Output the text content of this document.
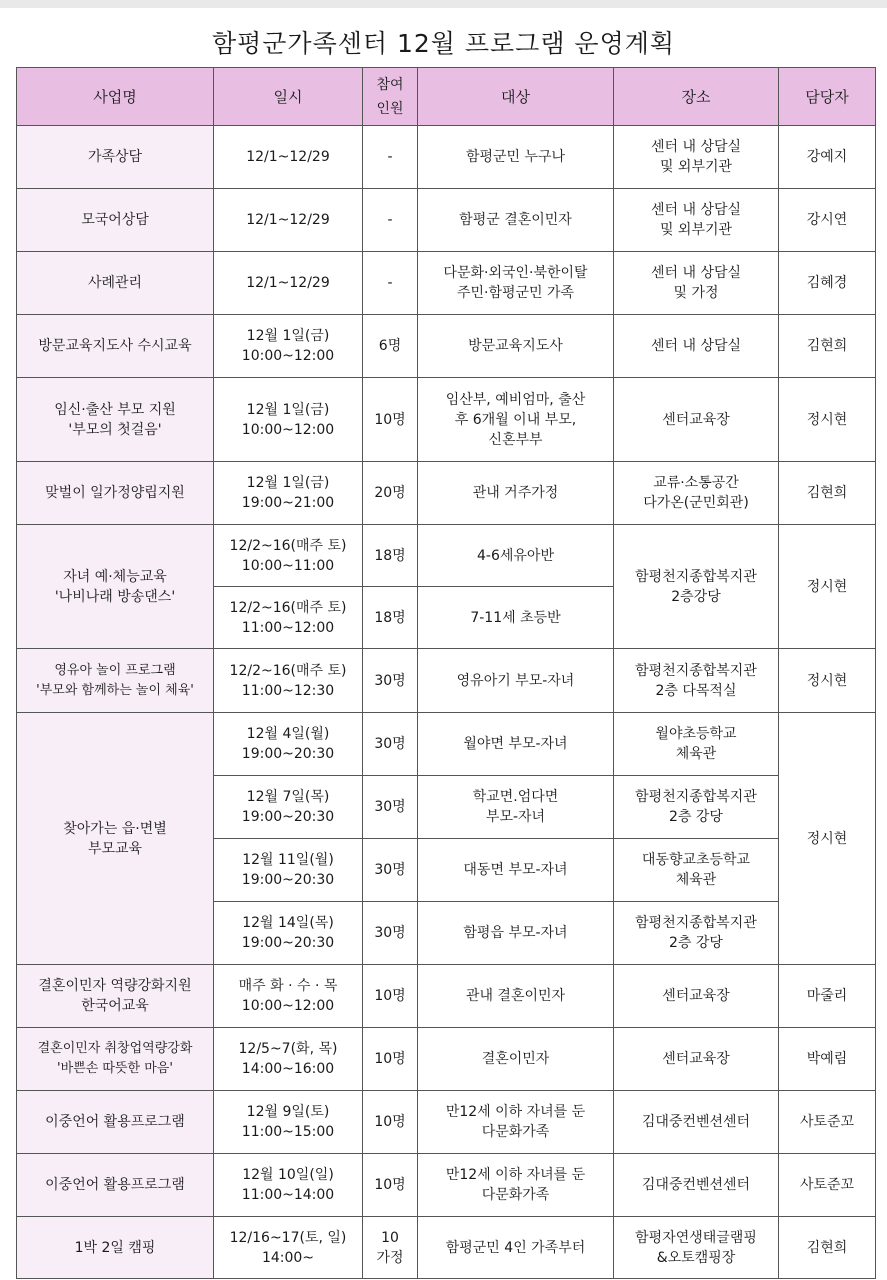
함평군가족센터 12월 프로그램 운영계획
사업명	일시	참여
인원	대상	장소	담당자
가족상담	12/1~12/29	-	함평군민 누구나	센터 내 상담실
및 외부기관	강예지
모국어상담	12/1~12/29	-	함평군 결혼이민자	센터 내 상담실
및 외부기관	강시연
사례관리	12/1~12/29	-	다문화·외국인·북한이탈
주민·함평군민 가족	센터 내 상담실
및 가정	김혜경
방문교육지도사 수시교육	12월 1일(금)
10:00~12:00	6명	방문교육지도사	센터 내 상담실	김현희
임신·출산 부모 지원
'부모의 첫걸음'	12월 1일(금)
10:00~12:00	10명	임산부, 예비엄마, 출산
후 6개월 이내 부모,
신혼부부	센터교육장	정시현
맞벌이 일가정양립지원	12월 1일(금)
19:00~21:00	20명	관내 거주가정	교류·소통공간
다가온(군민회관)	김현희
자녀 예·체능교육
'나비나래 방송댄스'	12/2~16(매주 토)
10:00~11:00	18명	4-6세유아반	함평천지종합복지관
2층강당	정시현
	12/2~16(매주 토)
11:00~12:00	18명	7-11세 초등반		
영유아 놀이 프로그램
'부모와 함께하는 놀이 체육'	12/2~16(매주 토)
11:00~12:30	30명	영유아기 부모-자녀	함평천지종합복지관
2층 다목적실	정시현
찾아가는 읍·면별
부모교육	12월 4일(월)
19:00~20:30	30명	월야면 부모-자녀	월야초등학교
체육관	정시현
	12월 7일(목)
19:00~20:30	30명	학교면.엄다면
부모-자녀	함평천지종합복지관
2층 강당	
	12월 11일(월)
19:00~20:30	30명	대동면 부모-자녀	대동향교초등학교
체육관	
	12월 14일(목)
19:00~20:30	30명	함평읍 부모-자녀	함평천지종합복지관
2층 강당	
결혼이민자 역량강화지원
한국어교육	매주 화 · 수 · 목
10:00~12:00	10명	관내 결혼이민자	센터교육장	마줄리
결혼이민자 취창업역량강화
'바쁜손 따뜻한 마음'	12/5~7(화, 목)
14:00~16:00	10명	결혼이민자	센터교육장	박예림
이중언어 활용프로그램	12월 9일(토)
11:00~15:00	10명	만12세 이하 자녀를 둔
다문화가족	김대중컨벤션센터	사토준꼬
이중언어 활용프로그램	12월 10일(일)
11:00~14:00	10명	만12세 이하 자녀를 둔
다문화가족	김대중컨벤션센터	사토준꼬
1박 2일 캠핑	12/16~17(토, 일)
14:00~	10
가정	함평군민 4인 가족부터	함평자연생태글램핑
&오토캠핑장	김현희
